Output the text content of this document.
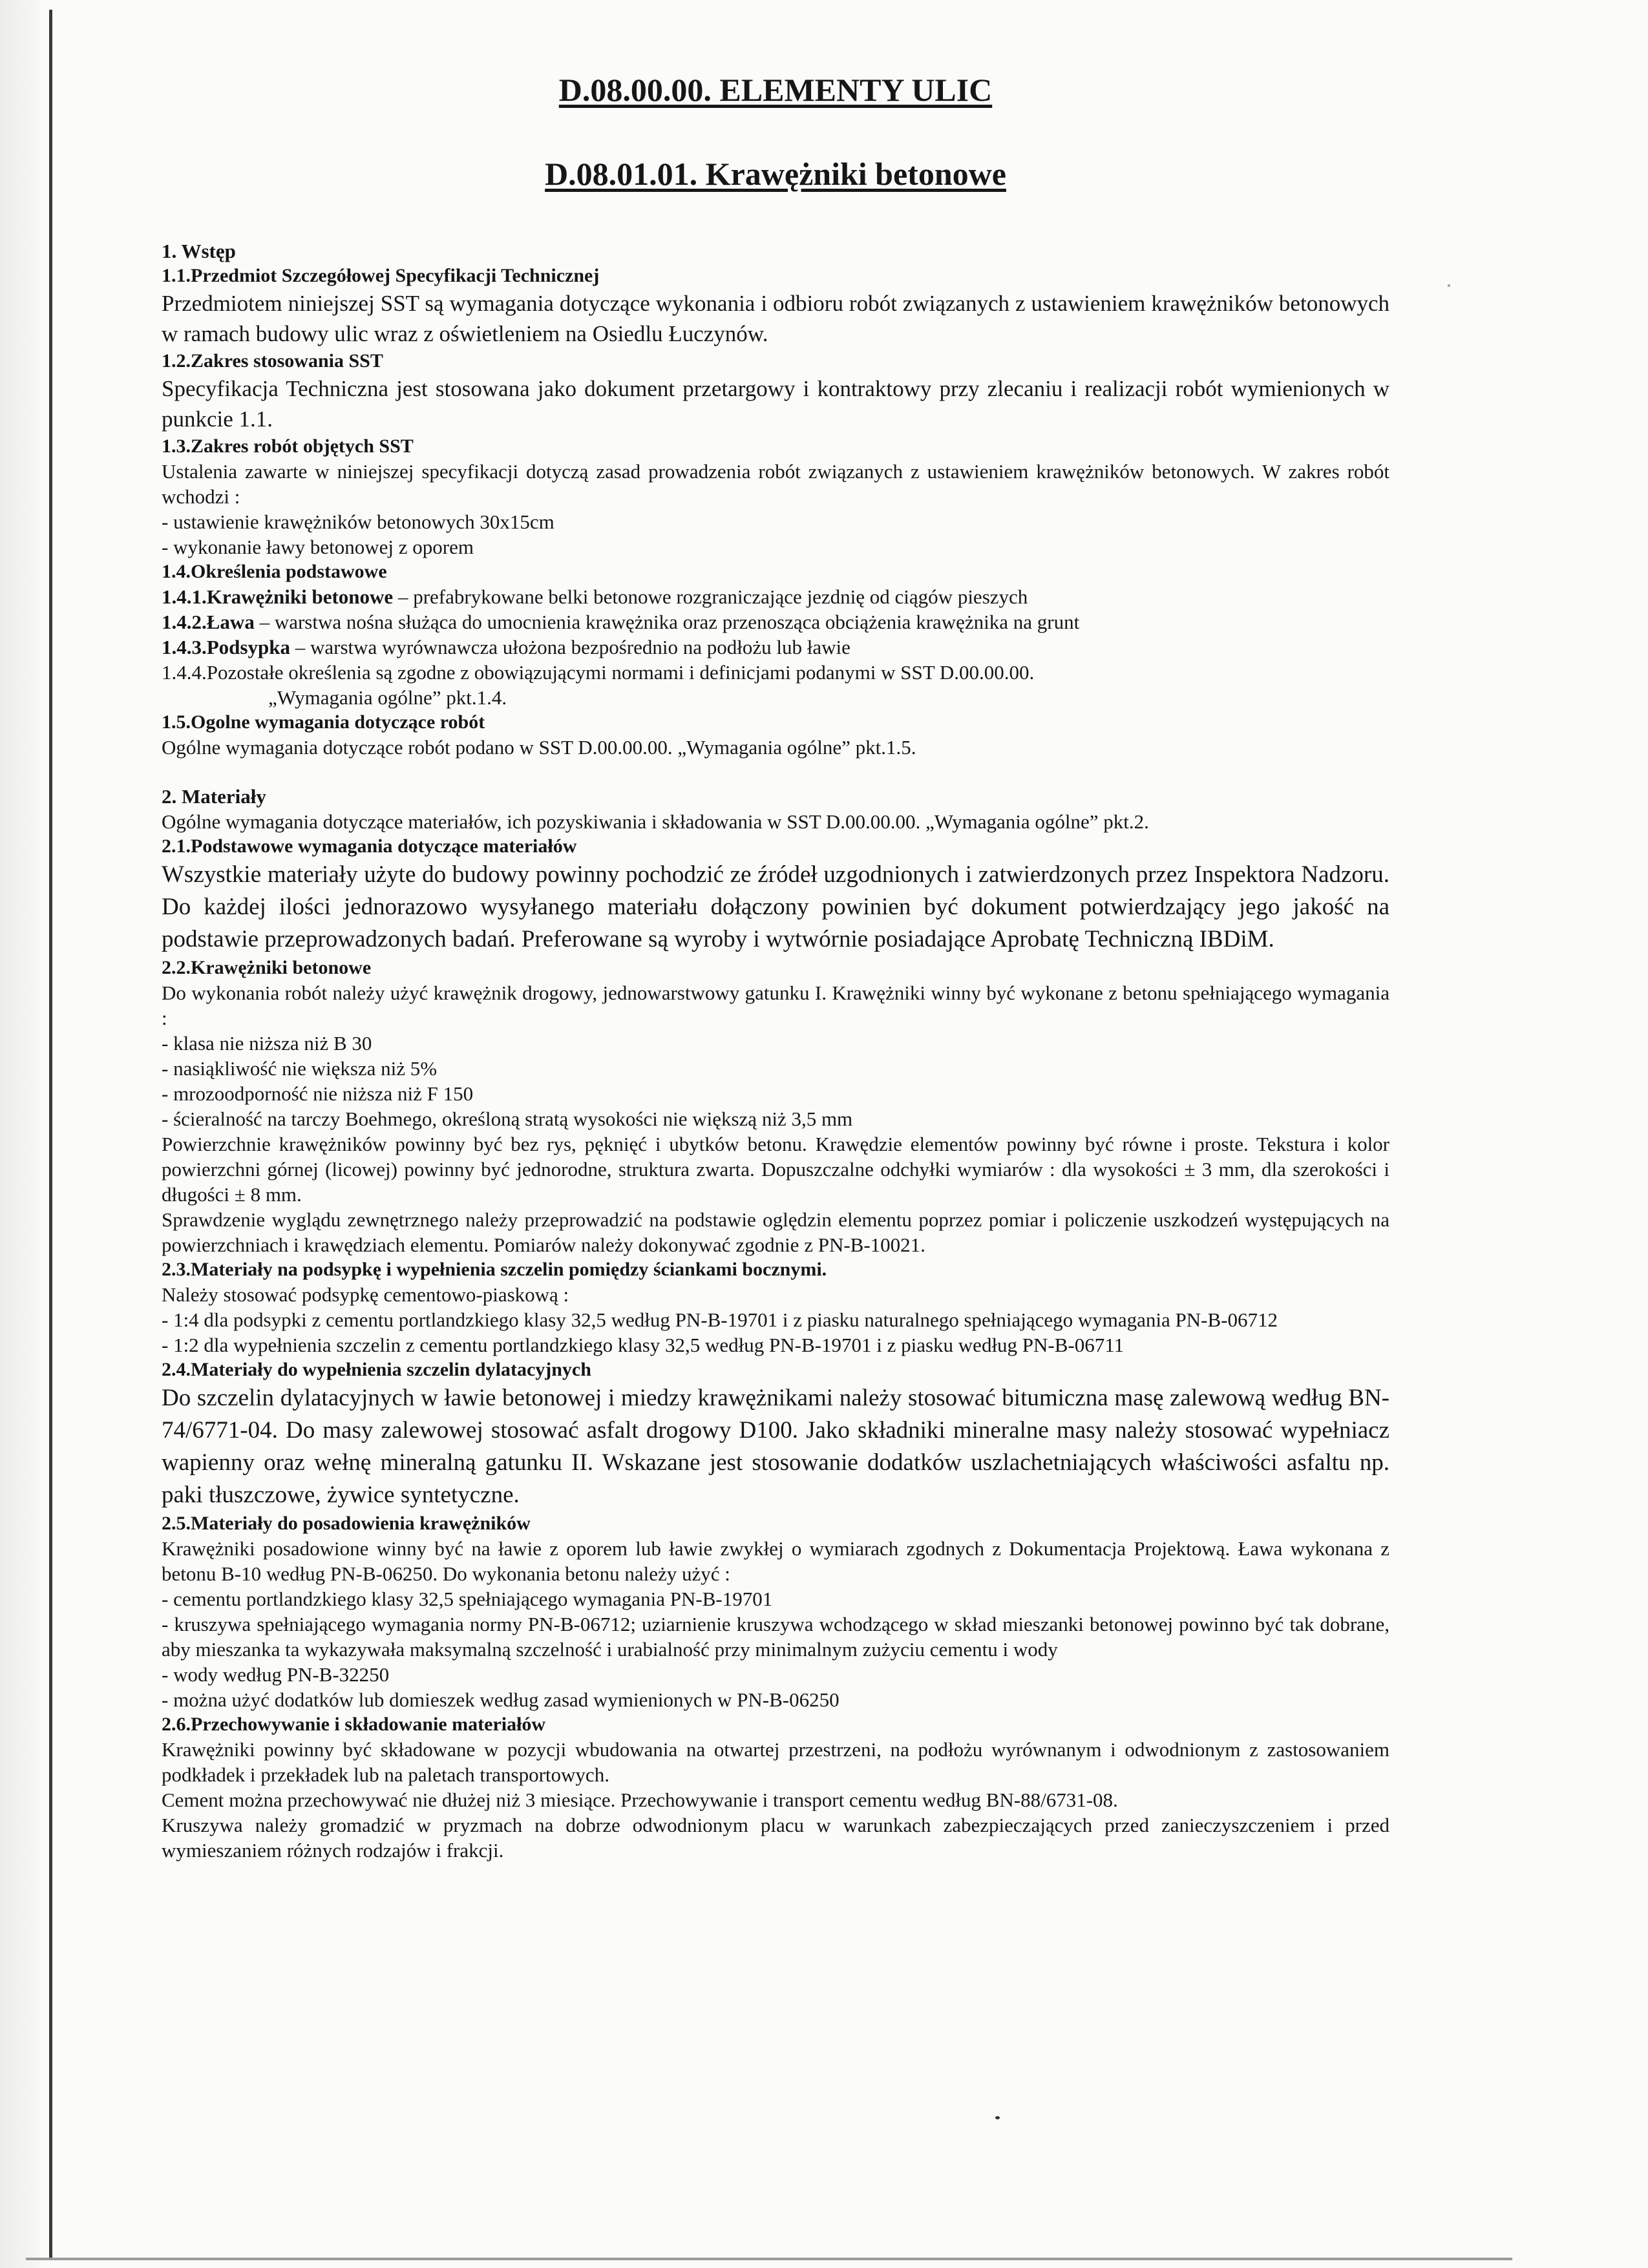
D.08.00.00. ELEMENTY ULIC
D.08.01.01. Krawężniki betonowe

1. Wstęp

1.1.Przedmiot Szczegółowej Specyfikacji Technicznej

Przedmiotem niniejszej SST są wymagania dotyczące wykonania i odbioru robót związanych z ustawieniem krawężników betonowych w ramach budowy ulic wraz z oświetleniem na Osiedlu Łuczynów.

1.2.Zakres stosowania SST

Specyfikacja Techniczna jest stosowana jako dokument przetargowy i kontraktowy przy zlecaniu i realizacji robót wymienionych w punkcie 1.1.

1.3.Zakres robót objętych SST

Ustalenia zawarte w niniejszej specyfikacji dotyczą zasad prowadzenia robót związanych z ustawieniem krawężników betonowych. W zakres robót wchodzi :

- ustawienie krawężników betonowych 30x15cm

- wykonanie ławy betonowej z oporem

1.4.Określenia podstawowe

1.4.1.Krawężniki betonowe – prefabrykowane belki betonowe rozgraniczające jezdnię od ciągów pieszych

1.4.2.Ława – warstwa nośna służąca do umocnienia krawężnika oraz przenosząca obciążenia krawężnika na grunt

1.4.3.Podsypka – warstwa wyrównawcza ułożona bezpośrednio na podłożu lub ławie

1.4.4.Pozostałe określenia są zgodne z obowiązującymi normami i definicjami podanymi w SST D.00.00.00.

„Wymagania ogólne” pkt.1.4.

1.5.Ogolne wymagania dotyczące robót

Ogólne wymagania dotyczące robót podano w SST D.00.00.00. „Wymagania ogólne” pkt.1.5.

2. Materiały

Ogólne wymagania dotyczące materiałów, ich pozyskiwania i składowania w SST D.00.00.00. „Wymagania ogólne” pkt.2.

2.1.Podstawowe wymagania dotyczące materiałów

Wszystkie materiały użyte do budowy powinny pochodzić ze źródeł uzgodnionych i zatwierdzonych przez Inspektora Nadzoru. Do każdej ilości jednorazowo wysyłanego materiału dołączony powinien być dokument potwierdzający jego jakość na podstawie przeprowadzonych badań. Preferowane są wyroby i wytwórnie posiadające Aprobatę Techniczną IBDiM.

2.2.Krawężniki betonowe

Do wykonania robót należy użyć krawężnik drogowy, jednowarstwowy gatunku I. Krawężniki winny być wykonane z betonu spełniającego wymagania :

- klasa nie niższa niż B 30

- nasiąkliwość nie większa niż 5%

- mrozoodporność nie niższa niż F 150

- ścieralność na tarczy Boehmego, określoną stratą wysokości nie większą niż 3,5 mm

Powierzchnie krawężników powinny być bez rys, pęknięć i ubytków betonu. Krawędzie elementów powinny być równe i proste. Tekstura i kolor powierzchni górnej (licowej) powinny być jednorodne, struktura zwarta. Dopuszczalne odchyłki wymiarów : dla wysokości ± 3 mm, dla szerokości i długości ± 8 mm.

Sprawdzenie wyglądu zewnętrznego należy przeprowadzić na podstawie oględzin elementu poprzez pomiar i policzenie uszkodzeń występujących na powierzchniach i krawędziach elementu. Pomiarów należy dokonywać zgodnie z PN-B-10021.

2.3.Materiały na podsypkę i wypełnienia szczelin pomiędzy ściankami bocznymi.

Należy stosować podsypkę cementowo-piaskową :

- 1:4 dla podsypki z cementu portlandzkiego klasy 32,5 według PN-B-19701 i z piasku naturalnego spełniającego wymagania PN-B-06712

- 1:2 dla wypełnienia szczelin z cementu portlandzkiego klasy 32,5 według PN-B-19701 i z piasku według PN-B-06711

2.4.Materiały do wypełnienia szczelin dylatacyjnych

Do szczelin dylatacyjnych w ławie betonowej i miedzy krawężnikami należy stosować bitumiczna masę zalewową według BN-74/6771-04. Do masy zalewowej stosować asfalt drogowy D100. Jako składniki mineralne masy należy stosować wypełniacz wapienny oraz wełnę mineralną gatunku II. Wskazane jest stosowanie dodatków uszlachetniających właściwości asfaltu np. paki tłuszczowe, żywice syntetyczne.

2.5.Materiały do posadowienia krawężników

Krawężniki posadowione winny być na ławie z oporem lub ławie zwykłej o wymiarach zgodnych z Dokumentacja Projektową. Ława wykonana z betonu B-10 według PN-B-06250. Do wykonania betonu należy użyć :

- cementu portlandzkiego klasy 32,5 spełniającego wymagania PN-B-19701

- kruszywa spełniającego wymagania normy PN-B-06712; uziarnienie kruszywa wchodzącego w skład mieszanki betonowej powinno być tak dobrane, aby mieszanka ta wykazywała maksymalną szczelność i urabialność przy minimalnym zużyciu cementu i wody

- wody według PN-B-32250

- można użyć dodatków lub domieszek według zasad wymienionych w PN-B-06250

2.6.Przechowywanie i składowanie materiałów

Krawężniki powinny być składowane w pozycji wbudowania na otwartej przestrzeni, na podłożu wyrównanym i odwodnionym z zastosowaniem podkładek i przekładek lub na paletach transportowych.

Cement można przechowywać nie dłużej niż 3 miesiące. Przechowywanie i transport cementu według BN-88/6731-08.

Kruszywa należy gromadzić w pryzmach na dobrze odwodnionym placu w warunkach zabezpieczających przed zanieczyszczeniem i przed wymieszaniem różnych rodzajów i frakcji.
